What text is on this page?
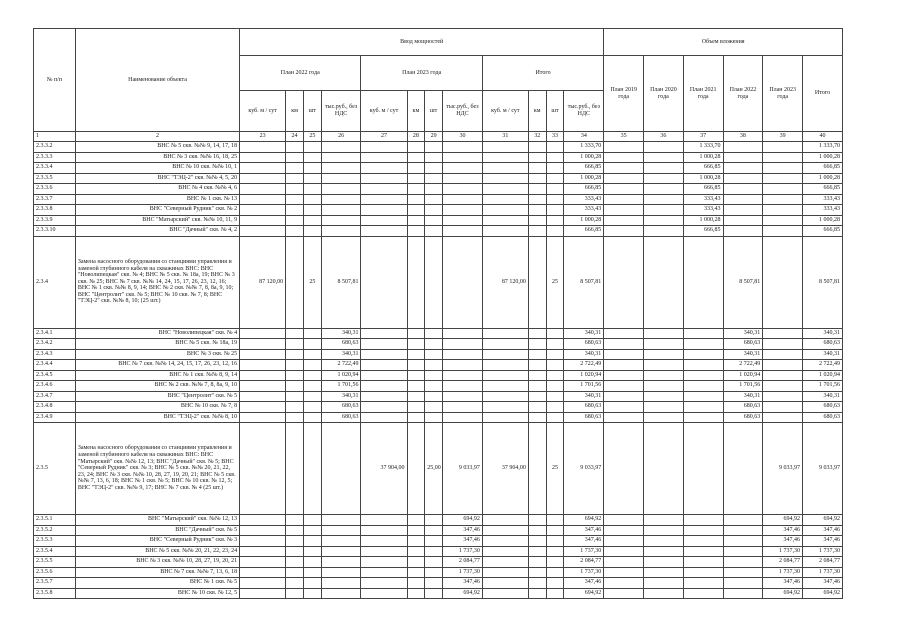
№ п/п	Наименование объекта	Ввод мощностей												Объем вложения					
		План 2022 года				План 2023 года				Итого				План 2019 года	План 2020 года	План 2021 года	План 2022 года	План 2023 года	Итого
		куб. м / сут	км	шт	тыс.руб., без НДС	куб. м / сут	км	шт	тыс.руб., без НДС	куб. м / сут	км	шт	тыс.руб., без НДС						
1	2	23	24	25	26	27	28	29	30	31	32	33	34	35	36	37	38	39	40
2.3.3.2	ВНС № 5 скв. №№ 9, 14, 17, 18												1 333,70			1 333,70			1 333,70
2.3.3.3	ВНС № 3 скв. №№ 16, 18, 25												1 000,28			1 000,28			1 000,28
2.3.3.4	ВНС № 10 скв. №№ 10, 1												666,85			666,85			666,85
2.3.3.5	ВНС "ТЭЦ-2" скв. №№ 4, 5, 20												1 000,28			1 000,28			1 000,28
2.3.3.6	ВНС № 4 скв. №№ 4, 6												666,85			666,85			666,85
2.3.3.7	ВНС № 1 скв. № 13												333,43			333,43			333,43
2.3.3.8	ВНС "Северный Рудник" скв. № 2												333,43			333,43			333,43
2.3.3.9	ВНС "Матырский" скв. №№ 10, 11, 9												1 000,28			1 000,28			1 000,28
2.3.3.10	ВНС "Дачный" скв. № 4, 2												666,85			666,85			666,85
2.3.4	Замена насосного оборудования со станциями управления и заменой глубинного кабеля на скважинах ВНС: ВНС "Новолипецкая" скв. № 4; ВНС № 5 скв. № 18а, 19; ВНС № 3 скв. № 25; ВНС № 7 скв. №№ 14, 24, 15, 17, 26, 23, 12, 16; ВНС № 1 скв. №№ 8, 9, 14; ВНС № 2 скв. №№ 7, 8, 8а, 9, 10; ВНС "Центролит" скв. № 5; ВНС № 10 скв. № 7, 8; ВНС "ТЭЦ-2" скв. №№ 8, 10; (25 шт.)	87 120,00		25	8 507,81					87 120,00		25	8 507,81				8 507,81		8 507,81
2.3.4.1	ВНС "Новолипецкая" скв. № 4				340,31								340,31				340,31		340,31
2.3.4.2	ВНС № 5 скв. № 18а, 19				680,63								680,63				680,63		680,63
2.3.4.3	ВНС № 3 скв. № 25				340,31								340,31				340,31		340,31
2.3.4.4	ВНС № 7 скв. №№ 14, 24, 15, 17, 26, 23, 12, 16				2 722,49								2 722,49				2 722,49		2 722,49
2.3.4.5	ВНС № 1 скв. №№ 8, 9, 14				1 020,94								1 020,94				1 020,94		1 020,94
2.3.4.6	ВНС № 2 скв. №№ 7, 8, 8а, 9, 10				1 701,56								1 701,56				1 701,56		1 701,56
2.3.4.7	ВНС "Центролит" скв. № 5				340,31								340,31				340,31		340,31
2.3.4.8	ВНС № 10 скв. № 7, 8				680,63								680,63				680,63		680,63
2.3.4.9	ВНС "ТЭЦ-2" скв. №№ 8, 10				680,63								680,63				680,63		680,63
2.3.5	Замена насосного оборудования со станциями управления и заменой глубинного кабеля на скважинах ВНС: ВНС "Матырский" скв. №№ 12, 13; ВНС "Дачный" скв. № 5; ВНС "Северный Рудник" скв. № 3; ВНС № 5 скв. №№ 20, 21, 22, 23, 24; ВНС № 3 скв. №№ 10, 28, 27, 19, 20, 21; ВНС № 5 скв. №№ 7, 13, 6, 18; ВНС № 1 скв. № 5; ВНС № 10 скв. № 12, 5; ВНС "ТЭЦ-2" скв. №№ 9, 17; ВНС № 7 скв. № 4 (25 шт.)					37 904,00		25,00	9 033,97	37 904,00		25	9 033,97					9 033,97	9 033,97
2.3.5.1	ВНС "Матырский" скв. №№ 12, 13								694,92				694,92					694,92	694,92
2.3.5.2	ВНС "Дачный" скв. № 5								347,46				347,46					347,46	347,46
2.3.5.3	ВНС "Северный Рудник" скв. № 3								347,46				347,46					347,46	347,46
2.3.5.4	ВНС № 5 скв. №№ 20, 21, 22, 23, 24								1 737,30				1 737,30					1 737,30	1 737,30
2.3.5.5	ВНС № 3 скв. №№ 10, 28, 27, 19, 20, 21								2 084,77				2 084,77					2 084,77	2 084,77
2.3.5.6	ВНС № 7 скв. №№ 7, 13, 6, 18								1 737,30				1 737,30					1 737,30	1 737,30
2.3.5.7	ВНС № 1 скв. № 5								347,46				347,46					347,46	347,46
2.3.5.8	ВНС № 10 скв. № 12, 5								694,92				694,92					694,92	694,92
